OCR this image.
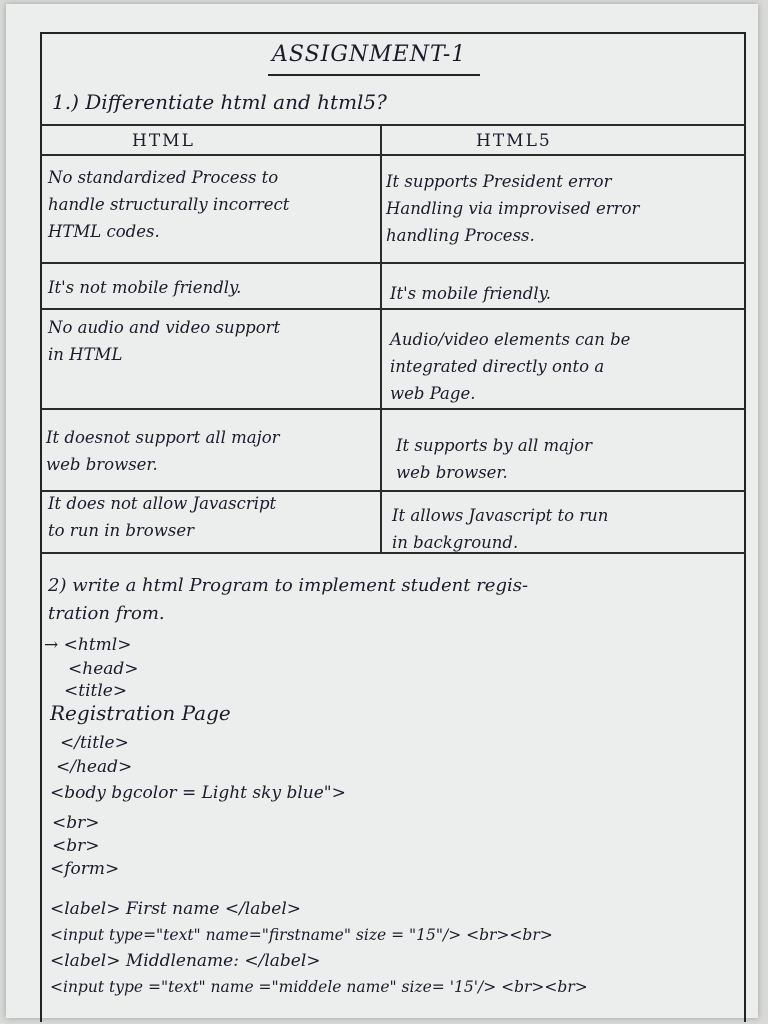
ASSIGNMENT-1
1.) Differentiate html and html5?
HTML	HTML5
No standardized Process to
handle structurally incorrect
HTML codes.
It supports President error
Handling via improvised error
handling Process.
It's not mobile friendly.	It's mobile friendly.
No audio and video support
in HTML
Audio/video elements can be
integrated directly onto a
web Page.
It doesnot support all major
web browser.
It supports by all major
web browser.
It does not allow Javascript
to run in browser
It allows Javascript to run
in background.
2) write a html Program to implement student regis-
tration from.
→ <html>
<head>
<title>
Registration Page
</title>
</head>
<body bgcolor = Light sky blue">
<br>
<br>
<form>
<label> First name </label>
<input type="text" name="firstname" size = "15"/> <br><br>
<label> Middlename: </label>
<input type ="text" name ="middele name" size= '15'/> <br><br>
